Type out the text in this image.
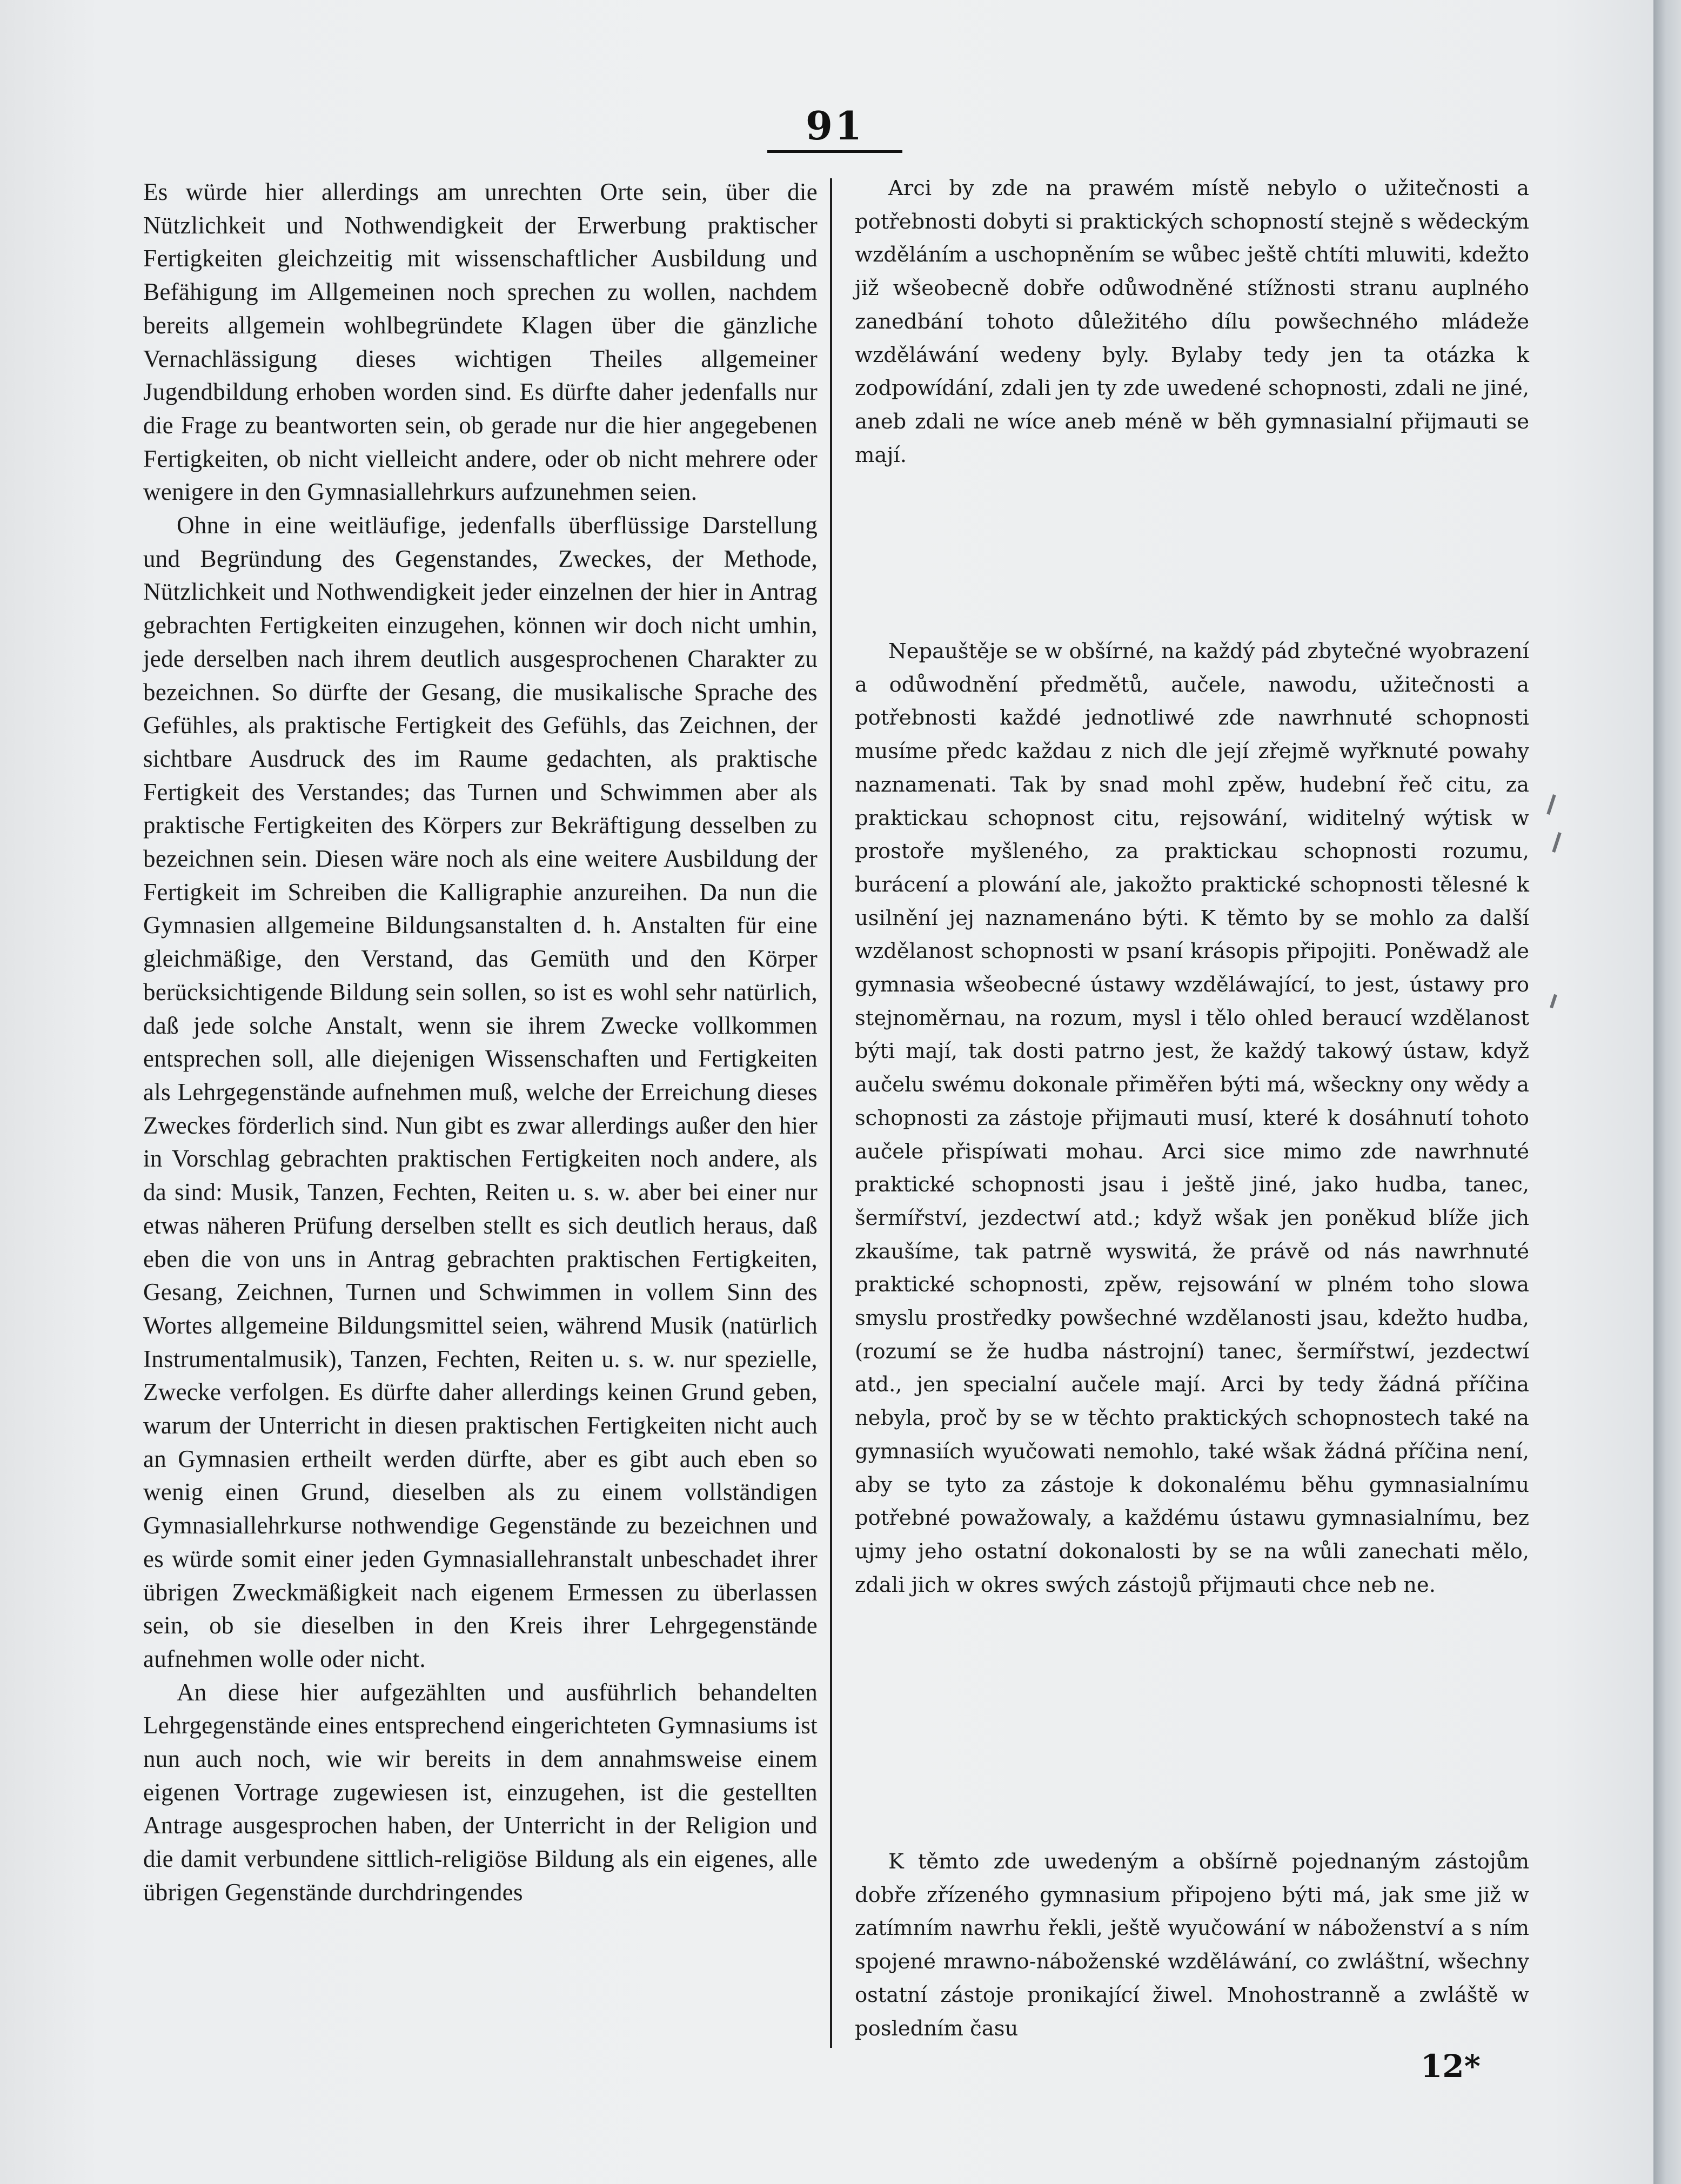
91

Es würde hier allerdings am unrechten Orte sein, über die Nützlichkeit und Nothwendigkeit der Erwerbung praktischer Fertigkeiten gleichzeitig mit wissenschaftlicher Ausbildung und Befähigung im Allgemeinen noch sprechen zu wollen, nachdem bereits allgemein wohlbegründete Klagen über die gänzliche Vernachlässigung dieses wichtigen Theiles allgemeiner Jugendbildung erhoben worden sind. Es dürfte daher jedenfalls nur die Frage zu beantworten sein, ob gerade nur die hier angegebenen Fertigkeiten, ob nicht vielleicht andere, oder ob nicht mehrere oder wenigere in den Gymnasiallehrkurs aufzunehmen seien.

Ohne in eine weitläufige, jedenfalls überflüssige Darstellung und Begründung des Gegenstandes, Zweckes, der Methode, Nützlichkeit und Nothwendigkeit jeder einzelnen der hier in Antrag gebrachten Fertigkeiten einzugehen, können wir doch nicht umhin, jede derselben nach ihrem deutlich ausgesprochenen Charakter zu bezeichnen. So dürfte der Gesang, die musikalische Sprache des Gefühles, als praktische Fertigkeit des Gefühls, das Zeichnen, der sichtbare Ausdruck des im Raume gedachten, als praktische Fertigkeit des Verstandes; das Turnen und Schwimmen aber als praktische Fertigkeiten des Körpers zur Bekräftigung desselben zu bezeichnen sein. Diesen wäre noch als eine weitere Ausbildung der Fertigkeit im Schreiben die Kalligraphie anzureihen. Da nun die Gymnasien allgemeine Bildungsanstalten d. h. Anstalten für eine gleichmäßige, den Verstand, das Gemüth und den Körper berücksichtigende Bildung sein sollen, so ist es wohl sehr natürlich, daß jede solche Anstalt, wenn sie ihrem Zwecke vollkommen entsprechen soll, alle diejenigen Wissenschaften und Fertigkeiten als Lehrgegenstände aufnehmen muß, welche der Erreichung dieses Zweckes förderlich sind. Nun gibt es zwar allerdings außer den hier in Vorschlag gebrachten praktischen Fertigkeiten noch andere, als da sind: Musik, Tanzen, Fechten, Reiten u. s. w. aber bei einer nur etwas näheren Prüfung derselben stellt es sich deutlich heraus, daß eben die von uns in Antrag gebrachten praktischen Fertigkeiten, Gesang, Zeichnen, Turnen und Schwimmen in vollem Sinn des Wortes allgemeine Bildungsmittel seien, während Musik (natürlich Instrumentalmusik), Tanzen, Fechten, Reiten u. s. w. nur spezielle, Zwecke verfolgen. Es dürfte daher allerdings keinen Grund geben, warum der Unterricht in diesen praktischen Fertigkeiten nicht auch an Gymnasien ertheilt werden dürfte, aber es gibt auch eben so wenig einen Grund, dieselben als zu einem vollständigen Gymnasiallehrkurse nothwendige Gegenstände zu bezeichnen und es würde somit einer jeden Gymnasiallehranstalt unbeschadet ihrer übrigen Zweckmäßigkeit nach eigenem Ermessen zu überlassen sein, ob sie dieselben in den Kreis ihrer Lehrgegenstände aufnehmen wolle oder nicht.

An diese hier aufgezählten und ausführlich behandelten Lehrgegenstände eines entsprechend eingerichteten Gymnasiums ist nun auch noch, wie wir bereits in dem annahmsweise einem eigenen Vortrage zugewiesen ist, einzugehen, ist die gestellten Antrage ausgesprochen haben, der Unterricht in der Religion und die damit verbundene sittlich-religiöse Bildung als ein eigenes, alle übrigen Gegenstände durchdringendes

Arci by zde na prawém místě nebylo o užitečnosti a potřebnosti dobyti si praktických schopností stejně s wědeckým wzděláním a uschopněním se wůbec ještě chtíti mluwiti, kdežto již wšeobecně dobře odůwodněné stížnosti stranu auplného zanedbání tohoto důležitého dílu powšechného mládeže wzděláwání wedeny byly. Bylaby tedy jen ta otázka k zodpowídání, zdali jen ty zde uwedené schopnosti, zdali ne jiné, aneb zdali ne wíce aneb méně w běh gymnasialní přijmauti se mají.

Nepauštěje se w obšírné, na každý pád zbytečné wyobrazení a odůwodnění předmětů, aučele, nawodu, užitečnosti a potřebnosti každé jednotliwé zde nawrhnuté schopnosti musíme předc každau z nich dle její zřejmě wyřknuté powahy naznamenati. Tak by snad mohl zpěw, hudební řeč citu, za praktickau schopnost citu, rejsowání, widitelný wýtisk w prostoře myšleného, za praktickau schopnosti rozumu, burácení a plowání ale, jakožto praktické schopnosti tělesné k usilnění jej naznamenáno býti. K těmto by se mohlo za další wzdělanost schopnosti w psaní krásopis připojiti. Poněwadž ale gymnasia wšeobecné ústawy wzděláwající, to jest, ústawy pro stejnoměrnau, na rozum, mysl i tělo ohled beraucí wzdělanost býti mají, tak dosti patrno jest, že každý takowý ústaw, když aučelu swému dokonale přiměřen býti má, wšeckny ony wědy a schopnosti za zástoje přijmauti musí, které k dosáhnutí tohoto aučele přispíwati mohau. Arci sice mimo zde nawrhnuté praktické schopnosti jsau i ještě jiné, jako hudba, tanec, šermířství, jezdectwí atd.; když wšak jen poněkud blíže jich zkaušíme, tak patrně wyswitá, že právě od nás nawrhnuté praktické schopnosti, zpěw, rejsowání w plném toho slowa smyslu prostředky powšechné wzdělanosti jsau, kdežto hudba, (rozumí se že hudba nástrojní) tanec, šermířstwí, jezdectwí atd., jen specialní aučele mají. Arci by tedy žádná příčina nebyla, proč by se w těchto praktických schopnostech také na gymnasiích wyučowati nemohlo, také wšak žádná příčina není, aby se tyto za zástoje k dokonalému běhu gymnasialnímu potřebné powažowaly, a každému ústawu gymnasialnímu, bez ujmy jeho ostatní dokonalosti by se na wůli zanechati mělo, zdali jich w okres swých zástojů přijmauti chce neb ne.

K těmto zde uwedeným a obšírně pojednaným zástojům dobře zřízeného gymnasium připojeno býti má, jak sme již w zatímním nawrhu řekli, ještě wyučowání w náboženství a s ním spojené mrawno-náboženské wzděláwání, co zwláštní, wšechny ostatní zástoje pronikající žiwel. Mnohostranně a zwláště w posledním času

12*
